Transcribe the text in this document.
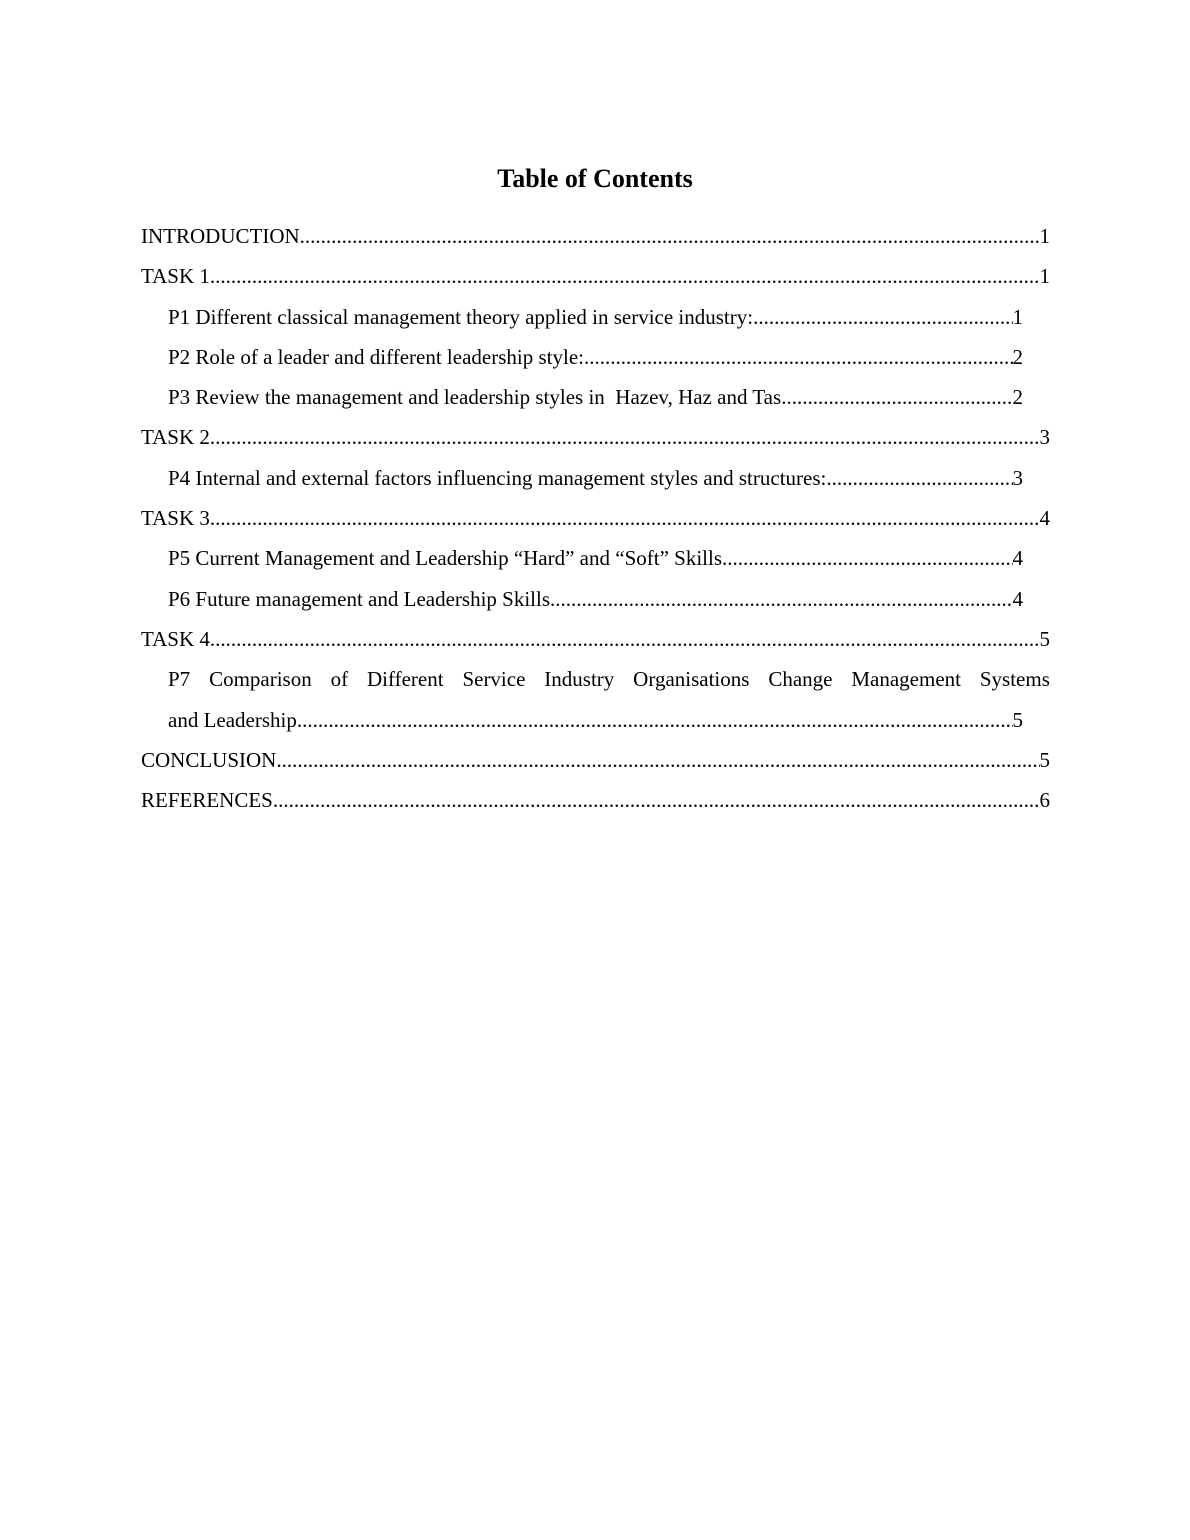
Table of Contents
INTRODUCTION .....	1
TASK 1 .....	1
P1 Different classical management theory applied in service industry: .....	1
P2 Role of a leader and different leadership style: .....	2
P3 Review the management and leadership styles in  Hazev, Haz and Tas .....	2
TASK 2 .....	3
P4 Internal and external factors influencing management styles and structures: .....	3
TASK 3 .....	4
P5 Current Management and Leadership “Hard” and “Soft” Skills .....	4
P6 Future management and Leadership Skills .....	4
TASK 4 .....	5
P7 Comparison of Different Service Industry Organisations Change Management Systems
and Leadership .....	5
CONCLUSION .....	5
REFERENCES .....	6
